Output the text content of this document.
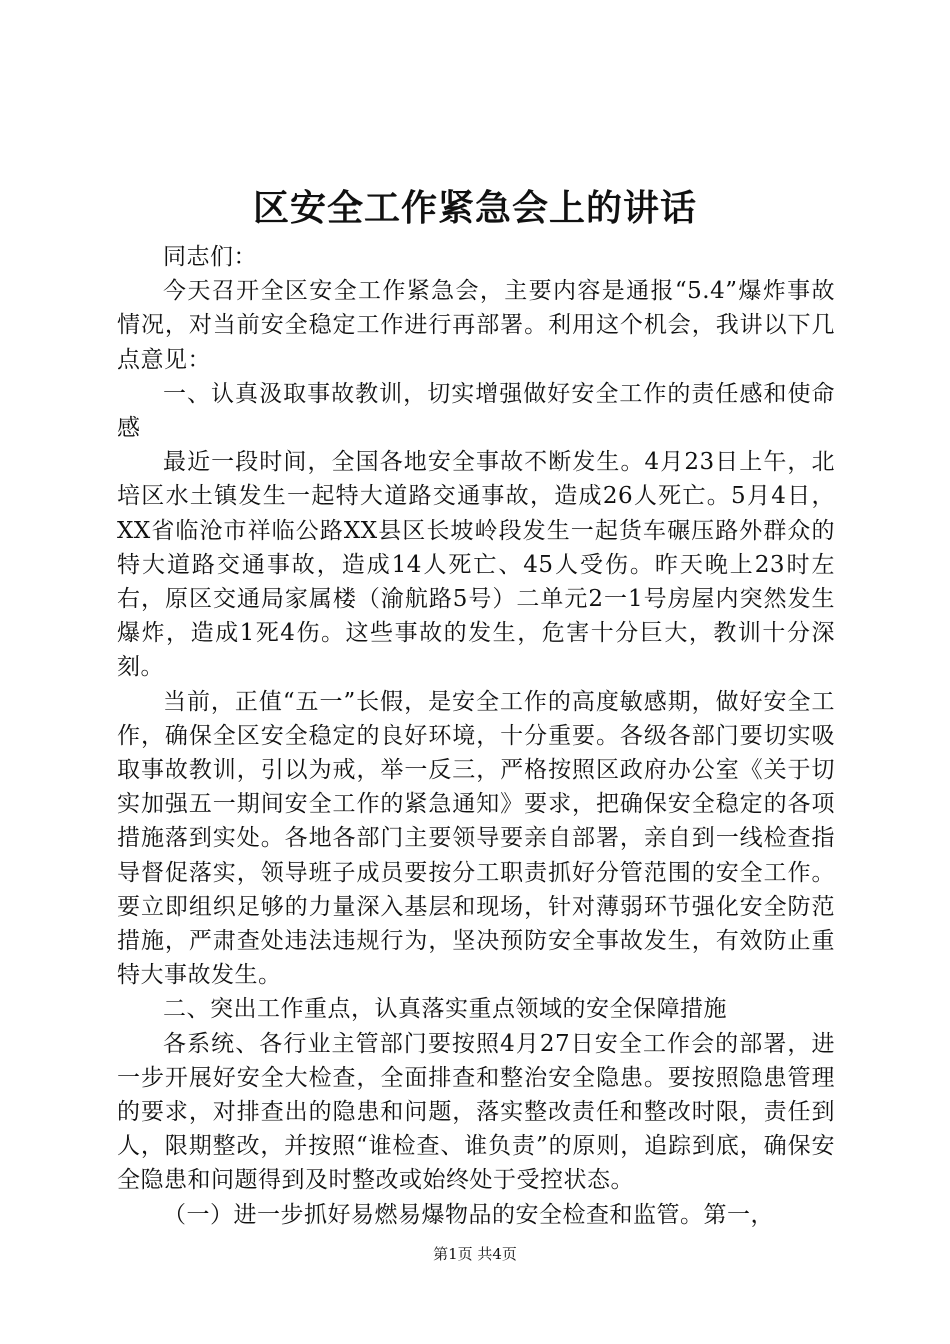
区安全工作紧急会上的讲话

同志们：

今天召开全区安全工作紧急会，主要内容是通报“5.4”爆炸事故情况，对当前安全稳定工作进行再部署。利用这个机会，我讲以下几点意见：

一、认真汲取事故教训，切实增强做好安全工作的责任感和使命感

最近一段时间，全国各地安全事故不断发生。4月23日上午，北培区水土镇发生一起特大道路交通事故，造成26人死亡。5月4日，XX省临沧市祥临公路XX县区长坡岭段发生一起货车碾压路外群众的特大道路交通事故，造成14人死亡、45人受伤。昨天晚上23时左右，原区交通局家属楼（渝航路5号）二单元2一1号房屋内突然发生爆炸，造成1死4伤。这些事故的发生，危害十分巨大，教训十分深刻。

当前，正值“五一”长假，是安全工作的高度敏感期，做好安全工作，确保全区安全稳定的良好环境，十分重要。各级各部门要切实吸取事故教训，引以为戒，举一反三，严格按照区政府办公室《关于切实加强五一期间安全工作的紧急通知》要求，把确保安全稳定的各项措施落到实处。各地各部门主要领导要亲自部署，亲自到一线检查指导督促落实，领导班子成员要按分工职责抓好分管范围的安全工作。要立即组织足够的力量深入基层和现场，针对薄弱环节强化安全防范措施，严肃查处违法违规行为，坚决预防安全事故发生，有效防止重特大事故发生。

二、突出工作重点，认真落实重点领域的安全保障措施

各系统、各行业主管部门要按照4月27日安全工作会的部署，进一步开展好安全大检查，全面排查和整治安全隐患。要按照隐患管理的要求，对排查出的隐患和问题，落实整改责任和整改时限，责任到人，限期整改，并按照“谁检查、谁负责”的原则，追踪到底，确保安全隐患和问题得到及时整改或始终处于受控状态。

（一）进一步抓好易燃易爆物品的安全检查和监管。第一，

第1页 共4页
